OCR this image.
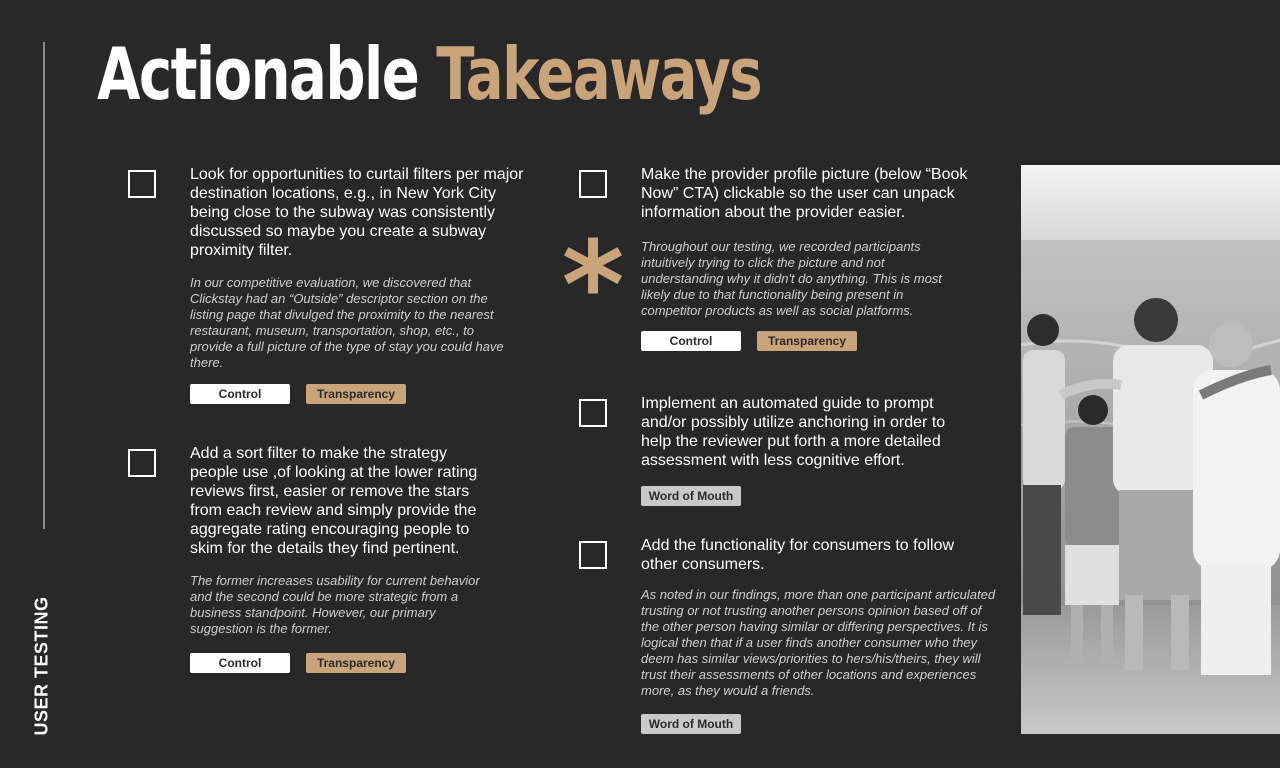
USER TESTING
Actionable Takeaways
*
Look for opportunities to curtail filters per major destination locations, e.g., in New York City being close to the subway was consistently discussed so maybe you create a subway proximity filter.
In our competitive evaluation, we discovered that Clickstay had an “Outside” descriptor section on the listing page that divulged the proximity to the nearest restaurant, museum, transportation, shop, etc., to provide a full picture of the type of stay you could have there.
Control	Transparency
Add a sort filter to make the strategy people use ,of looking at the lower rating reviews first, easier or remove the stars from each review and simply provide the aggregate rating encouraging people to skim for the details they find pertinent.
The former increases usability for current behavior and the second could be more strategic from a business standpoint. However, our primary suggestion is the former.
Control	Transparency
Make the provider profile picture (below “Book Now” CTA) clickable so the user can unpack information about the provider easier.
Throughout our testing, we recorded participants intuitively trying to click the picture and not understanding why it didn't do anything. This is most likely due to that functionality being present in competitor products as well as social platforms.
Control	Transparency
Implement an automated guide to prompt and/or possibly utilize anchoring in order to help the reviewer put forth a more detailed assessment with less cognitive effort.
Word of Mouth
Add the functionality for consumers to follow other consumers.
As noted in our findings, more than one participant articulated trusting or not trusting another persons opinion based off of the other person having similar or differing perspectives. It is logical then that if a user finds another consumer who they deem has similar views/priorities to hers/his/theirs, they will trust their assessments of other locations and experiences more, as they would a friends.
Word of Mouth
